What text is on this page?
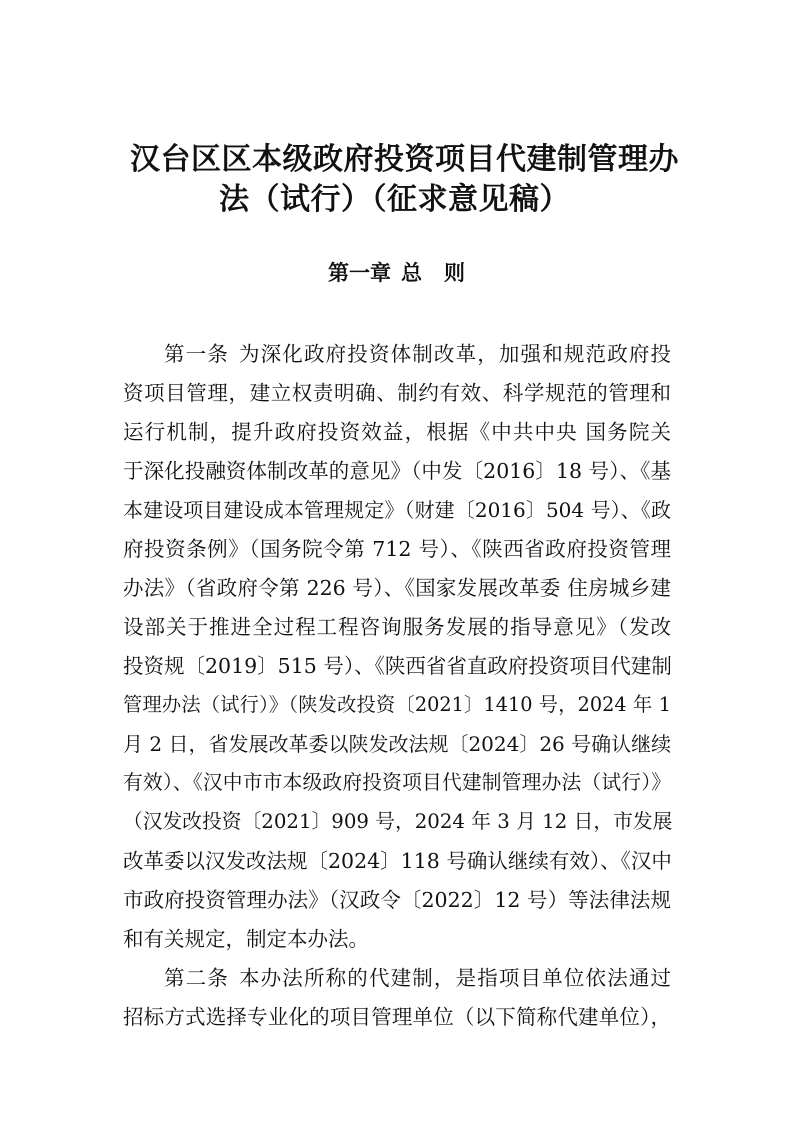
汉台区区本级政府投资项目代建制管理办
法（试行）（征求意见稿）
第一章 总 则

第一条 为深化政府投资体制改革，加强和规范政府投

资项目管理，建立权责明确、制约有效、科学规范的管理和

运行机制，提升政府投资效益，根据《中共中央 国务院关

于深化投融资体制改革的意见》（中发〔2016〕18 号）、《基

本建设项目建设成本管理规定》（财建〔2016〕504 号）、《政

府投资条例》（国务院令第 712 号）、《陕西省政府投资管理

办法》（省政府令第 226 号）、《国家发展改革委 住房城乡建

设部关于推进全过程工程咨询服务发展的指导意见》（发改

投资规〔2019〕515 号）、《陕西省省直政府投资项目代建制

管理办法（试行）》（陕发改投资〔2021〕1410 号，2024 年 1

月 2 日，省发展改革委以陕发改法规〔2024〕26 号确认继续

有效）、《汉中市市本级政府投资项目代建制管理办法（试行）》

（汉发改投资〔2021〕909 号，2024 年 3 月 12 日，市发展

改革委以汉发改法规〔2024〕118 号确认继续有效）、《汉中

市政府投资管理办法》（汉政令〔2022〕12 号）等法律法规

和有关规定，制定本办法。

第二条 本办法所称的代建制，是指项目单位依法通过

招标方式选择专业化的项目管理单位（以下简称代建单位），
